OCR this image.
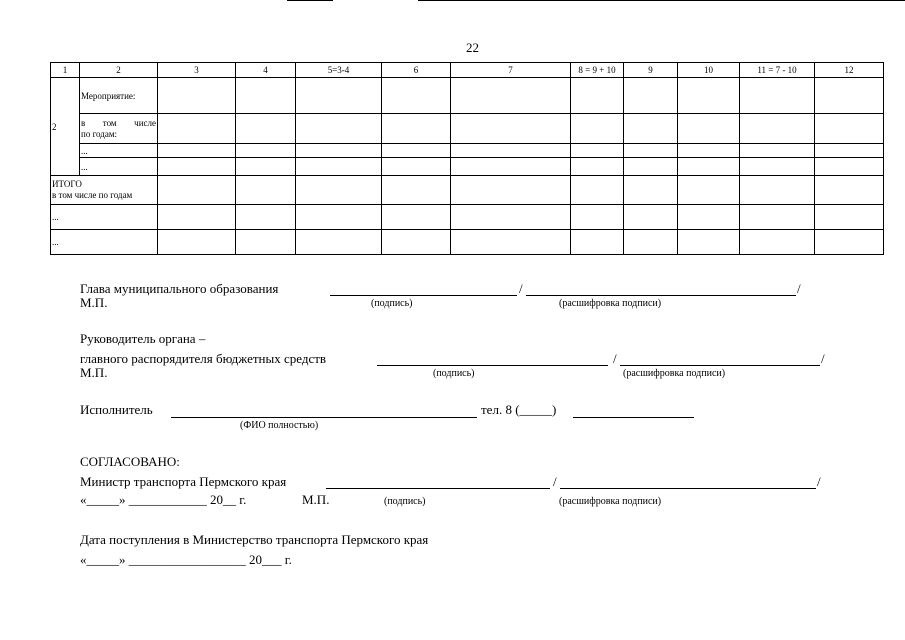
22
1	2	3	4	5=3-4	6	7	8 = 9 + 10	9	10	11 = 7 - 10	12
2	Мероприятие:										

	в том числе
по годам:										

	...										
	...										

ИТОГО
в том числе по годам											

...											
...											
Глава муниципального образования	/	/
М.П.	(подпись)	(расшифровка подписи)
Руководитель органа –
главного распорядителя бюджетных средств	/	/
М.П.	(подпись)	(расшифровка подписи)
Исполнитель	тел. 8 (_____)
(ФИО полностью)
СОГЛАСОВАНО:
Министр транспорта Пермского края	/	/
«_____» ____________ 20__ г.	М.П.	(подпись)	(расшифровка подписи)
Дата поступления в Министерство транспорта Пермского края
«_____» __________________ 20___ г.
